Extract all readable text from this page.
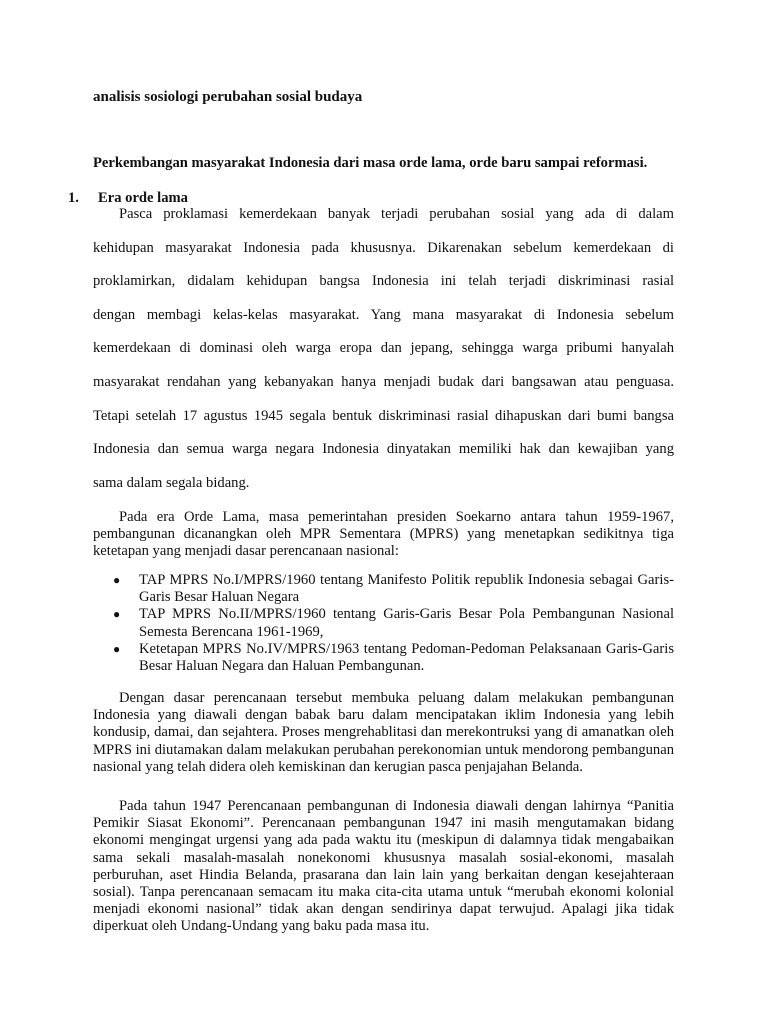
analisis sosiologi perubahan sosial budaya

Perkembangan masyarakat Indonesia dari masa orde lama, orde baru sampai reformasi.

1. Era orde lama

Pasca proklamasi kemerdekaan banyak terjadi perubahan sosial yang ada di dalam
kehidupan masyarakat Indonesia pada khususnya. Dikarenakan sebelum kemerdekaan di
proklamirkan, didalam kehidupan bangsa Indonesia ini telah terjadi diskriminasi rasial
dengan membagi kelas-kelas masyarakat. Yang mana masyarakat di Indonesia sebelum
kemerdekaan di dominasi oleh warga eropa dan jepang, sehingga warga pribumi hanyalah
masyarakat rendahan yang kebanyakan hanya menjadi budak dari bangsawan atau penguasa.
Tetapi setelah 17 agustus 1945 segala bentuk diskriminasi rasial dihapuskan dari bumi bangsa
Indonesia dan semua warga negara Indonesia dinyatakan memiliki hak dan kewajiban yang
sama dalam segala bidang.

Pada era Orde Lama, masa pemerintahan presiden Soekarno antara tahun 1959-1967, pembangunan dicanangkan oleh MPR Sementara (MPRS) yang menetapkan sedikitnya tiga ketetapan yang menjadi dasar perencanaan nasional:

● TAP MPRS No.I/MPRS/1960 tentang Manifesto Politik republik Indonesia sebagai Garis-Garis Besar Haluan Negara
● TAP MPRS No.II/MPRS/1960 tentang Garis-Garis Besar Pola Pembangunan Nasional Semesta Berencana 1961-1969,
● Ketetapan MPRS No.IV/MPRS/1963 tentang Pedoman-Pedoman Pelaksanaan Garis-Garis Besar Haluan Negara dan Haluan Pembangunan.

Dengan dasar perencanaan tersebut membuka peluang dalam melakukan pembangunan Indonesia yang diawali dengan babak baru dalam mencipatakan iklim Indonesia yang lebih kondusip, damai, dan sejahtera. Proses mengrehablitasi dan merekontruksi yang di amanatkan oleh MPRS ini diutamakan dalam melakukan perubahan perekonomian untuk mendorong pembangunan nasional yang telah didera oleh kemiskinan dan kerugian pasca penjajahan Belanda.

Pada tahun 1947 Perencanaan pembangunan di Indonesia diawali dengan lahirnya “Panitia Pemikir Siasat Ekonomi”. Perencanaan pembangunan 1947 ini masih mengutamakan bidang ekonomi mengingat urgensi yang ada pada waktu itu (meskipun di dalamnya tidak mengabaikan sama sekali masalah-masalah nonekonomi khususnya masalah sosial-ekonomi, masalah perburuhan, aset Hindia Belanda, prasarana dan lain lain yang berkaitan dengan kesejahteraan sosial). Tanpa perencanaan semacam itu maka cita-cita utama untuk “merubah ekonomi kolonial menjadi ekonomi nasional” tidak akan dengan sendirinya dapat terwujud. Apalagi jika tidak diperkuat oleh Undang-Undang yang baku pada masa itu.
